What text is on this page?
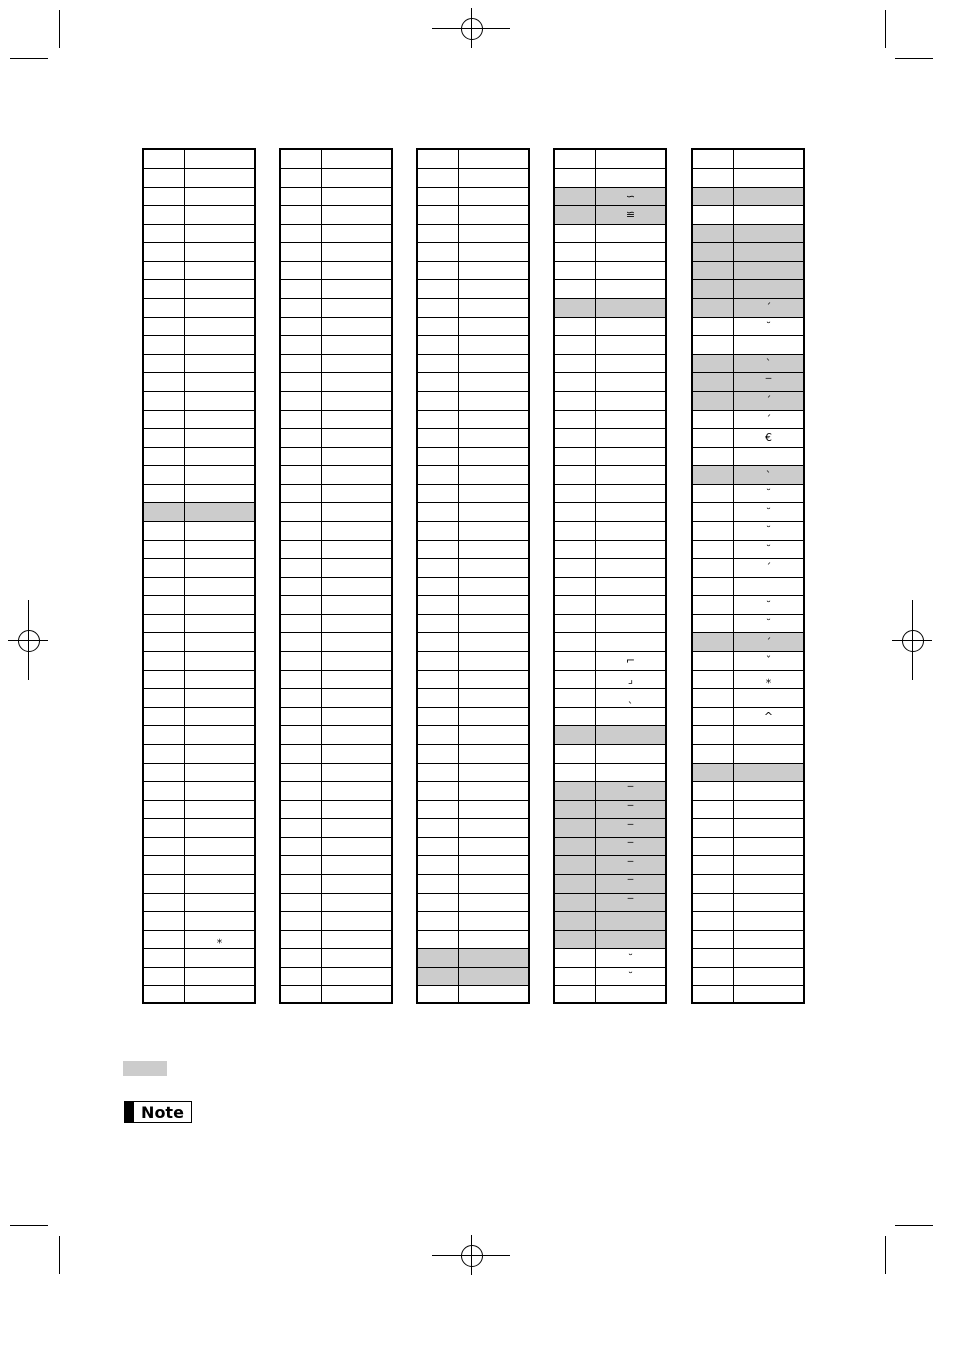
⁎
∽
≌
⌐
⌟
ˎ
‾
‾
‾
‾
‾
‾
‾
˘
˘
ˊ
˘
ˋ
‾
ˊ
ˊ
€
ˋ
˘
˘
˘
˘
ˊ
˘
˘
ˊ
ˇ
⁎
^
Note
